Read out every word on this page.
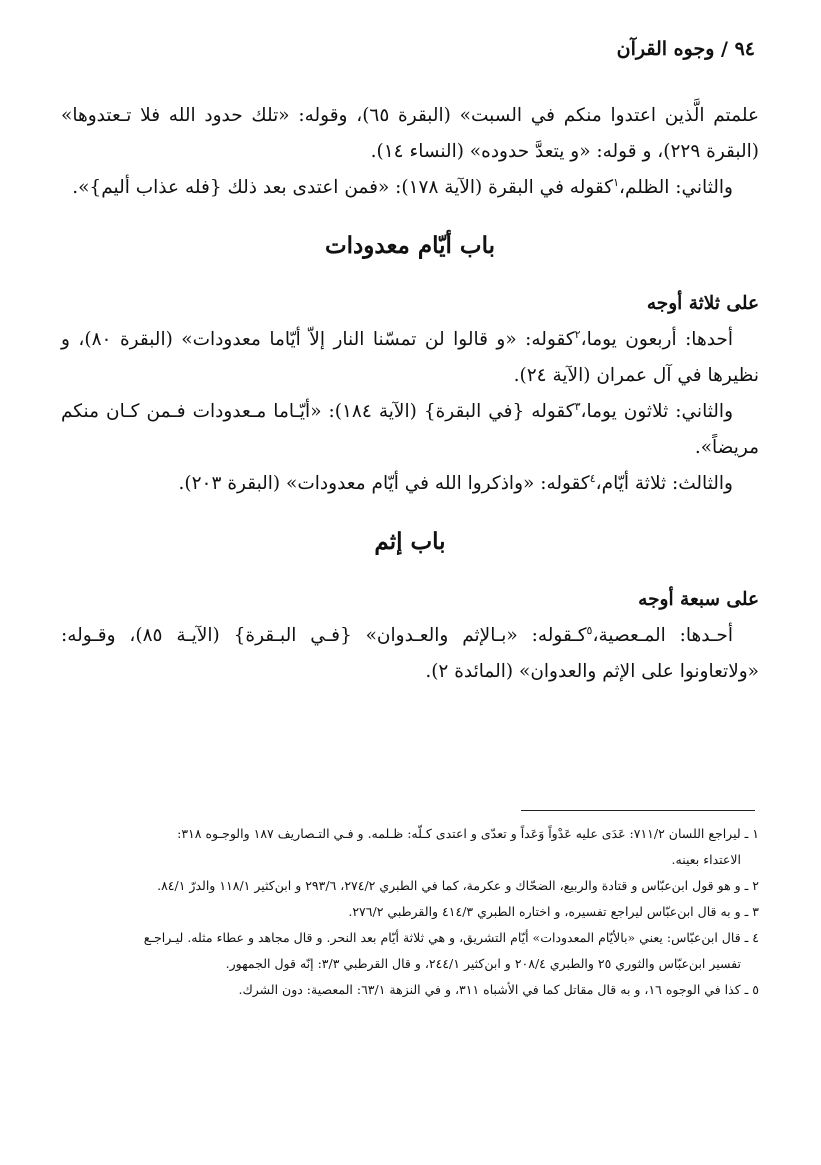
٩٤ / وجوه القرآن

علمتم الَّذين اعتدوا منكم في السبت» (البقرة ٦٥)، وقوله: «تلك حدود الله فلا تـعتدوها» (البقرة ٢٢٩)، و قوله: «و يتعدَّ حدوده» (النساء ١٤).

والثاني: الظلم،$^١$كقوله في البقرة (الآية ١٧٨): «فمن اعتدى بعد ذلك {فله عذاب أليم}».

باب أيّام معدودات

على ثلاثة أوجه

أحدها: أربعون يوما،$^٢$كقوله: «و قالوا لن تمسّنا النار إلاّ أيّاما معدودات» (البقرة ٨٠)، و نظيرها في آل عمران (الآية ٢٤).

والثاني: ثلاثون يوما،$^٣$كقوله {في البقرة} (الآية ١٨٤): «أيّـاما مـعدودات فـمن كـان منكم مريضاً».

والثالث: ثلاثة أيّام،$^٤$كقوله: «واذكروا الله في أيّام معدودات» (البقرة ٢٠٣).

باب إثم

على سبعة أوجه

أحـدها: المـعصية،$^٥$كـقوله: «بـالإثم والعـدوان» {فـي البـقرة} (الآيـة ٨٥)، وقـوله: «ولاتعاونوا على الإثم والعدوان» (المائدة ٢).

١ ـ ليراجع اللسان ٧١١/٢: عَدَى عليه عَدْواً وَعَداً و تعدّى و اعتدى كـلّه: ظـلمه. و فـي التـصاريف ١٨٧ والوجـوه ٣١٨:

الاعتداء بعينه.

٢ ـ و هو قول ابن‌عبّاس و قتادة والربيع، الضحّاك و عكرمة، كما في الطبري ٢٧٤/٢، ٢٩٣/٦ و ابن‌كثير ١١٨/١ والدرّ ٨٤/١.

٣ ـ و به قال ابن‌عبّاس ليراجع تفسيره، و اختاره الطبري ٤١٤/٣ والقرطبي ٢٧٦/٢.

٤ ـ قال ابن‌عبّاس: يعني «بالأيّام المعدودات» أيّام التشريق، و هي ثلاثة أيّام بعد النحر. و قال مجاهد و عطاء مثله. ليـراجـع

تفسير ابن‌عبّاس والثوري ٢٥ والطبري ٢٠٨/٤ و ابن‌كثير ٢٤٤/١، و قال القرطبي ٣/٣: إنّه قول الجمهور.

٥ ـ كذا في الوجوه ١٦، و به قال مقاتل كما في الأشباه ٣١١، و في النزهة ٦٣/١: المعصية: دون الشرك.
